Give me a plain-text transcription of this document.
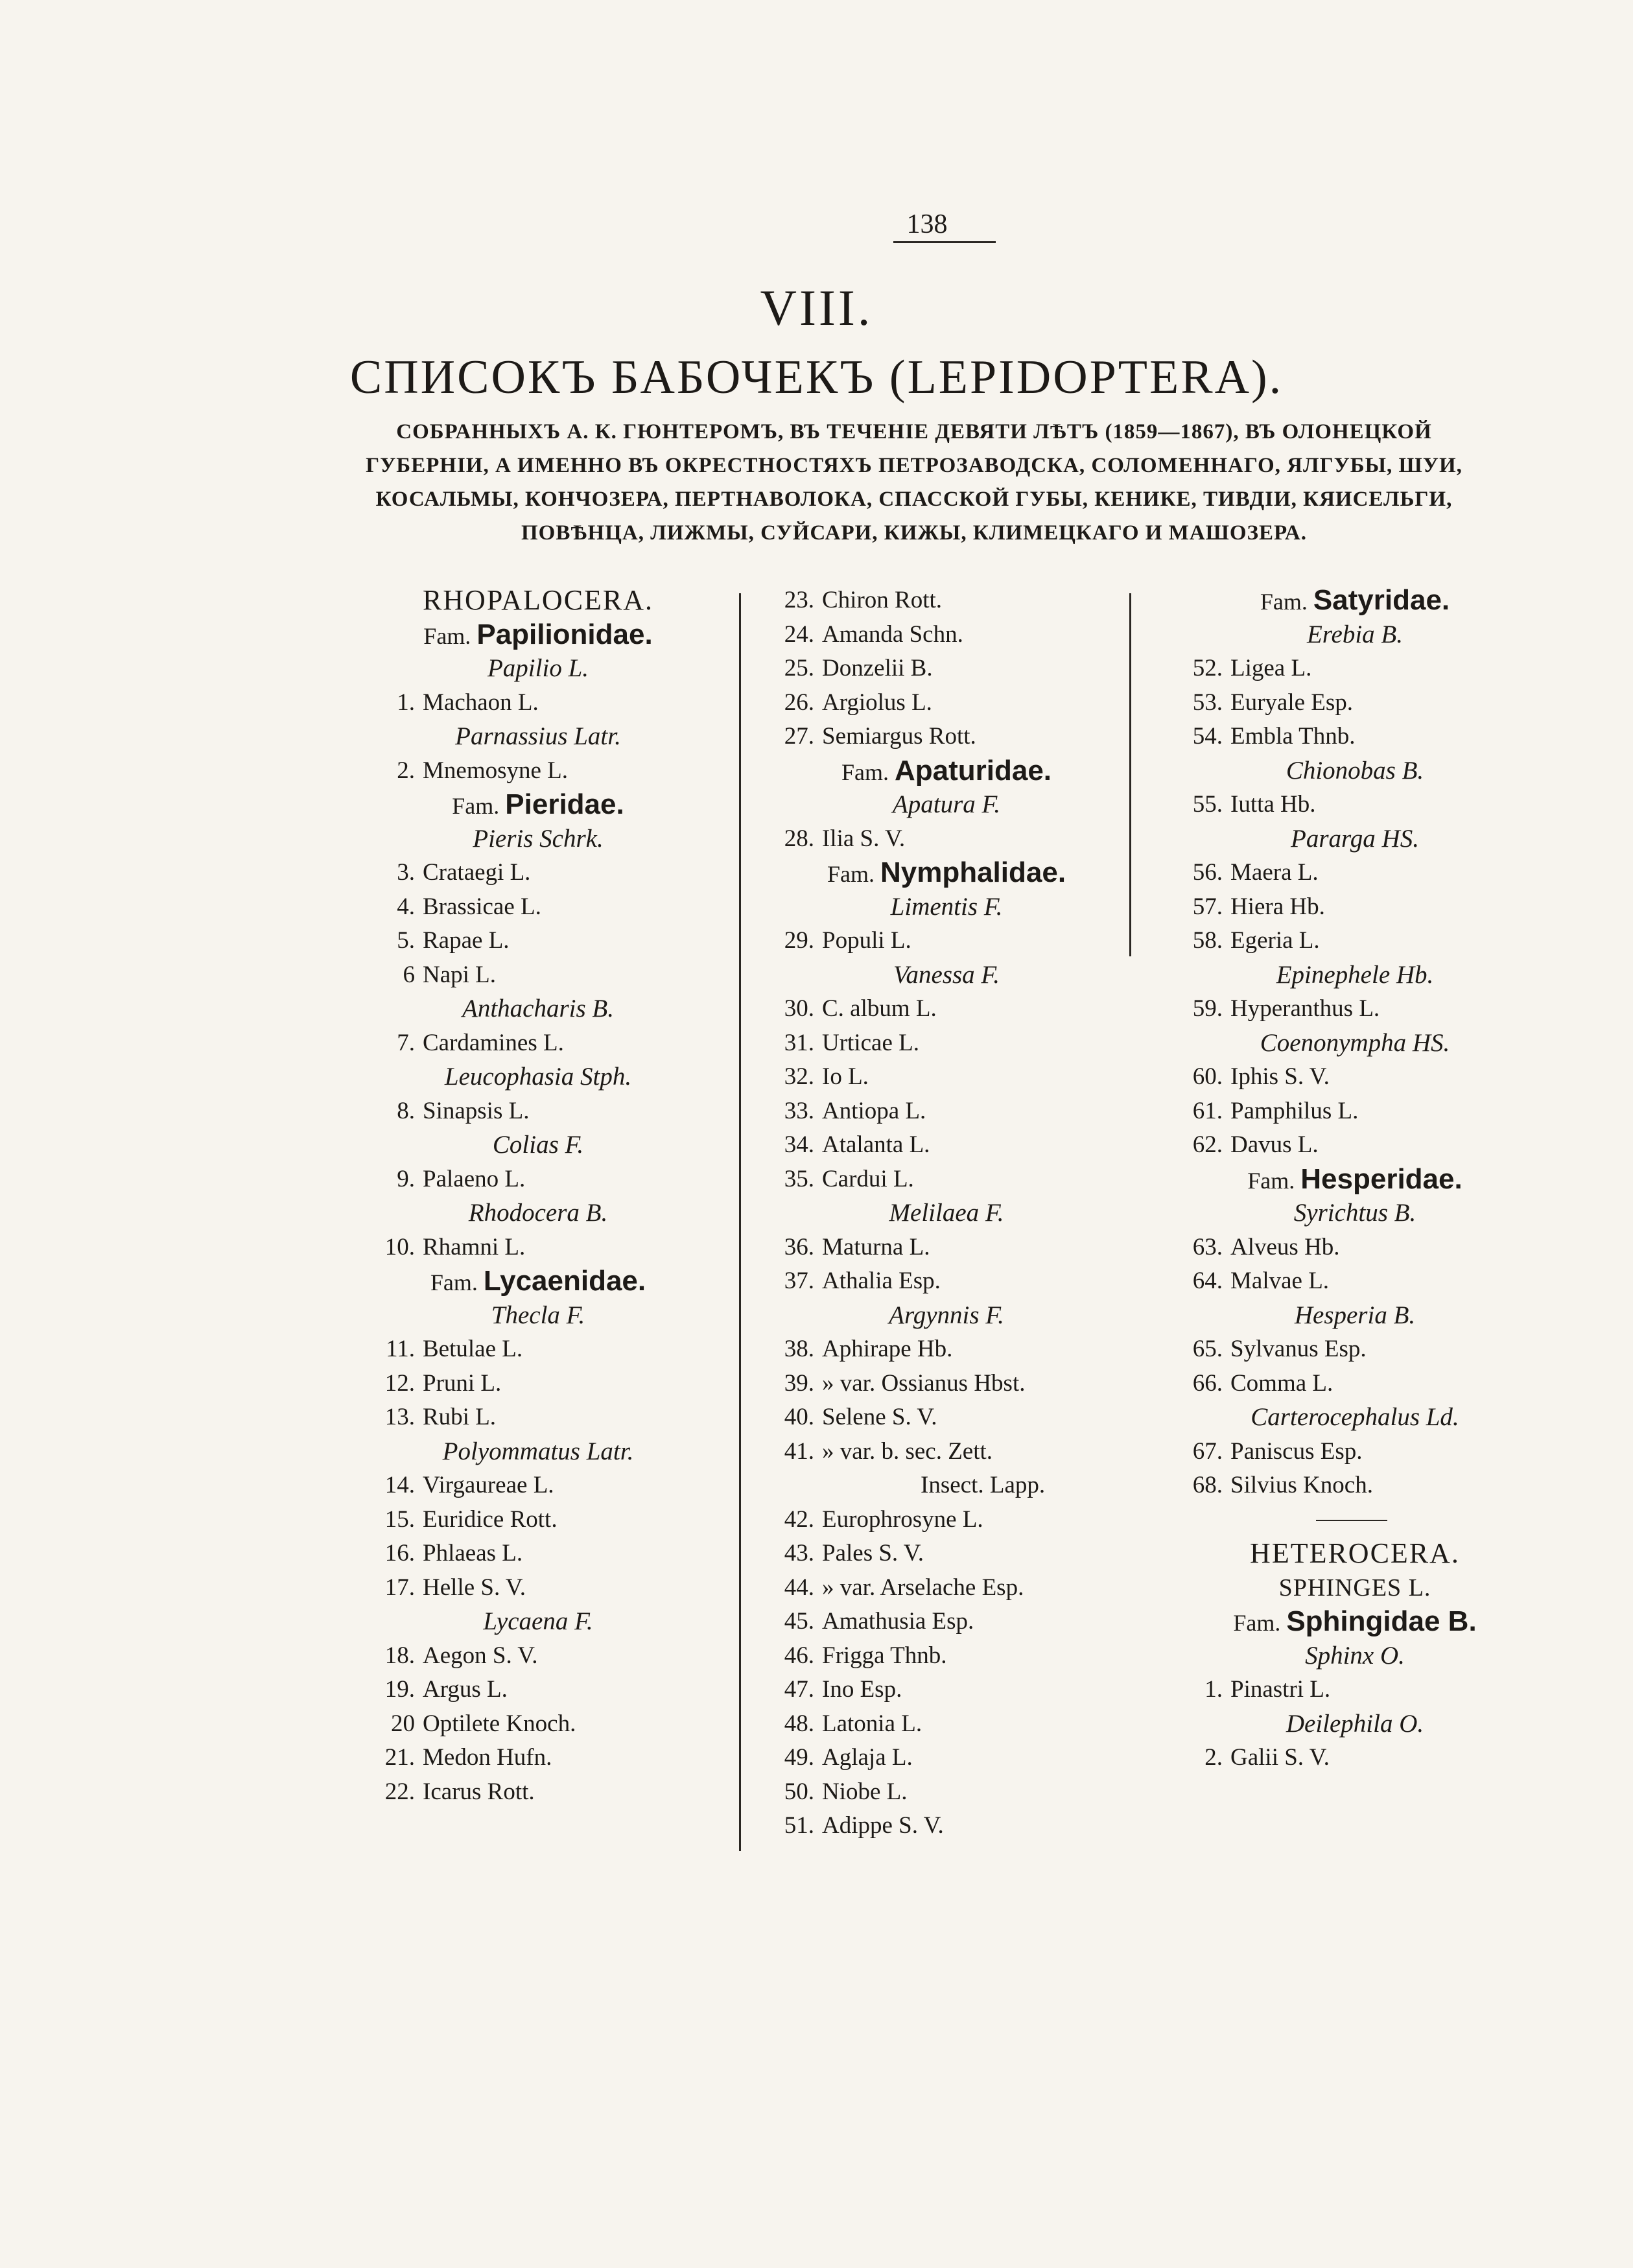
138
VIII.
СПИСОКЪ БАБОЧЕКЪ (LEPIDOPTERA).
СОБРАННЫХЪ А. К. ГЮНТЕРОМЪ, ВЪ ТЕЧЕНІЕ ДЕВЯТИ ЛѢТЪ (1859—1867), ВЪ ОЛОНЕЦКОЙ ГУБЕРНІИ, А ИМЕННО ВЪ ОКРЕСТНОСТЯХЪ ПЕТРОЗАВОДСКА, СОЛОМЕННАГО, ЯЛГУБЫ, ШУИ, КОСАЛЬМЫ, КОНЧОЗЕРА, ПЕРТНАВОЛОКА, СПАССКОЙ ГУБЫ, КЕНИКЕ, ТИВДІИ, КЯИСЕЛЬГИ, ПОВѢНЦА, ЛИЖМЫ, СУЙСАРИ, КИЖЫ, КЛИМЕЦКАГО И МАШОЗЕРА.
RHOPALOCERA.
Fam. Papilionidae.
Papilio L.
1. Machaon L.
Parnassius Latr.
2. Mnemosyne L.
Fam. Pieridae.
Pieris Schrk.
3. Crataegi L.
4. Brassicae L.
5. Rapae L.
6 Napi L.
Anthacharis B.
7. Cardamines L.
Leucophasia Stph.
8. Sinapsis L.
Colias F.
9. Palaeno L.
Rhodocera B.
10. Rhamni L.
Fam. Lycaenidae.
Thecla F.
11. Betulae L.
12. Pruni L.
13. Rubi L.
Polyommatus Latr.
14. Virgaureae L.
15. Euridice Rott.
16. Phlaeas L.
17. Helle S. V.
Lycaena F.
18. Aegon S. V.
19. Argus L.
20 Optilete Knoch.
21. Medon Hufn.
22. Icarus Rott.
23. Chiron Rott.
24. Amanda Schn.
25. Donzelii B.
26. Argiolus L.
27. Semiargus Rott.
Fam. Apaturidae.
Apatura F.
28. Ilia S. V.
Fam. Nymphalidae.
Limentis F.
29. Populi L.
Vanessa F.
30. C. album L.
31. Urticae L.
32. Io L.
33. Antiopa L.
34. Atalanta L.
35. Cardui L.
Melilaea F.
36. Maturna L.
37. Athalia Esp.
Argynnis F.
38. Aphirape Hb.
39. » var. Ossianus Hbst.
40. Selene S. V.
41. » var. b. sec. Zett.
Insect. Lapp.
42. Europhrosyne L.
43. Pales S. V.
44. » var. Arselache Esp.
45. Amathusia Esp.
46. Frigga Thnb.
47. Ino Esp.
48. Latonia L.
49. Aglaja L.
50. Niobe L.
51. Adippe S. V.
Fam. Satyridae.
Erebia B.
52. Ligea L.
53. Euryale Esp.
54. Embla Thnb.
Chionobas B.
55. Iutta Hb.
Pararga HS.
56. Maera L.
57. Hiera Hb.
58. Egeria L.
Epinephele Hb.
59. Hyperanthus L.
Coenonympha HS.
60. Iphis S. V.
61. Pamphilus L.
62. Davus L.
Fam. Hesperidae.
Syrichtus B.
63. Alveus Hb.
64. Malvae L.
Hesperia B.
65. Sylvanus Esp.
66. Comma L.
Carterocephalus Ld.
67. Paniscus Esp.
68. Silvius Knoch.
HETEROCERA.
SPHINGES L.
Fam. Sphingidae B.
Sphinx O.
1. Pinastri L.
Deilephila O.
2. Galii S. V.
